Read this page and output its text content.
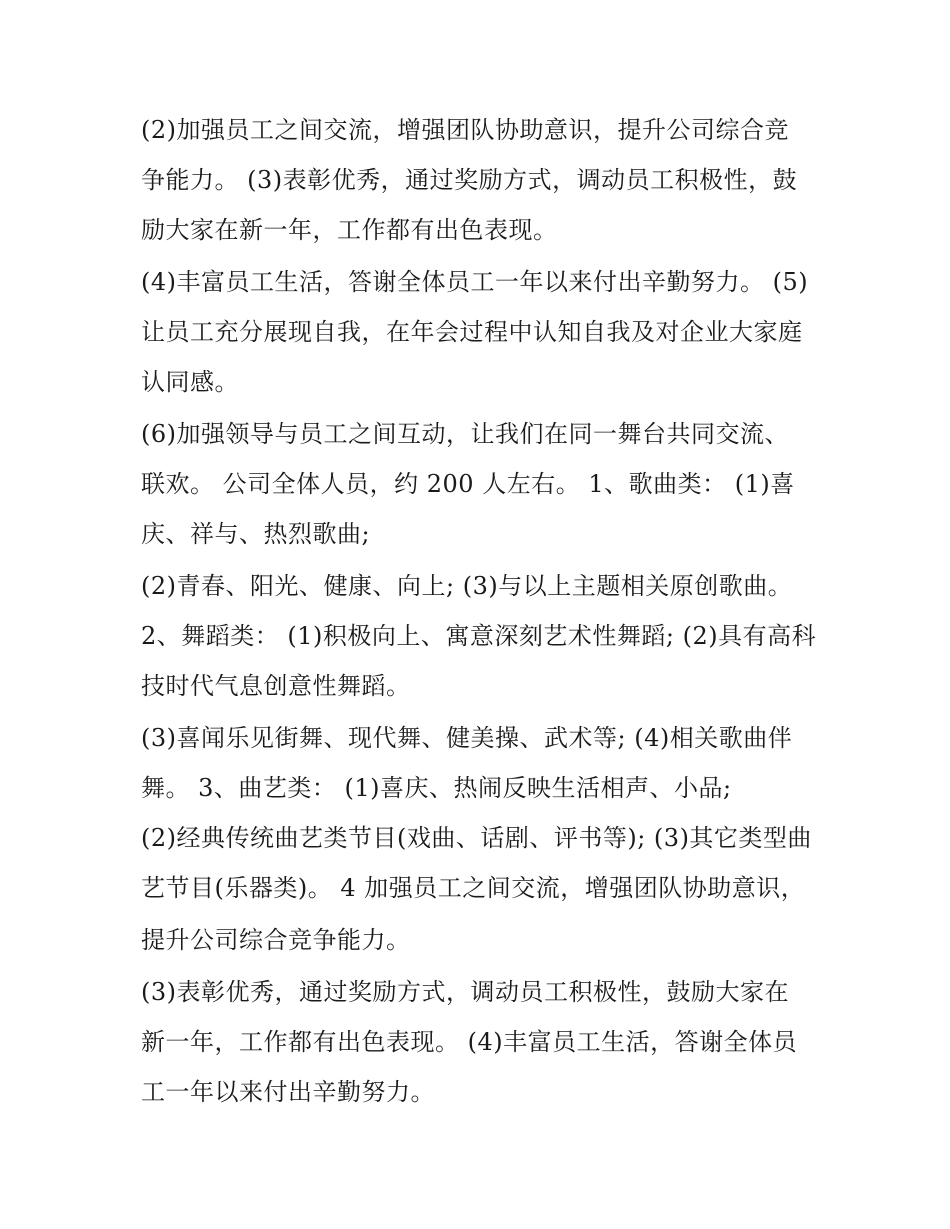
(2)加强员工之间交流，增强团队协助意识，提升公司综合竞
争能力。 (3)表彰优秀，通过奖励方式，调动员工积极性，鼓
励大家在新一年，工作都有出色表现。
(4)丰富员工生活，答谢全体员工一年以来付出辛勤努力。 (5)
让员工充分展现自我，在年会过程中认知自我及对企业大家庭
认同感。
(6)加强领导与员工之间互动，让我们在同一舞台共同交流、
联欢。 公司全体人员，约 200 人左右。 1、歌曲类： (1)喜
庆、祥与、热烈歌曲;
(2)青春、阳光、健康、向上; (3)与以上主题相关原创歌曲。
2、舞蹈类： (1)积极向上、寓意深刻艺术性舞蹈; (2)具有高科
技时代气息创意性舞蹈。
(3)喜闻乐见街舞、现代舞、健美操、武术等; (4)相关歌曲伴
舞。 3、曲艺类： (1)喜庆、热闹反映生活相声、小品;
(2)经典传统曲艺类节目(戏曲、话剧、评书等); (3)其它类型曲
艺节目(乐器类)。 4 加强员工之间交流，增强团队协助意识，
提升公司综合竞争能力。
(3)表彰优秀，通过奖励方式，调动员工积极性，鼓励大家在
新一年，工作都有出色表现。 (4)丰富员工生活，答谢全体员
工一年以来付出辛勤努力。
